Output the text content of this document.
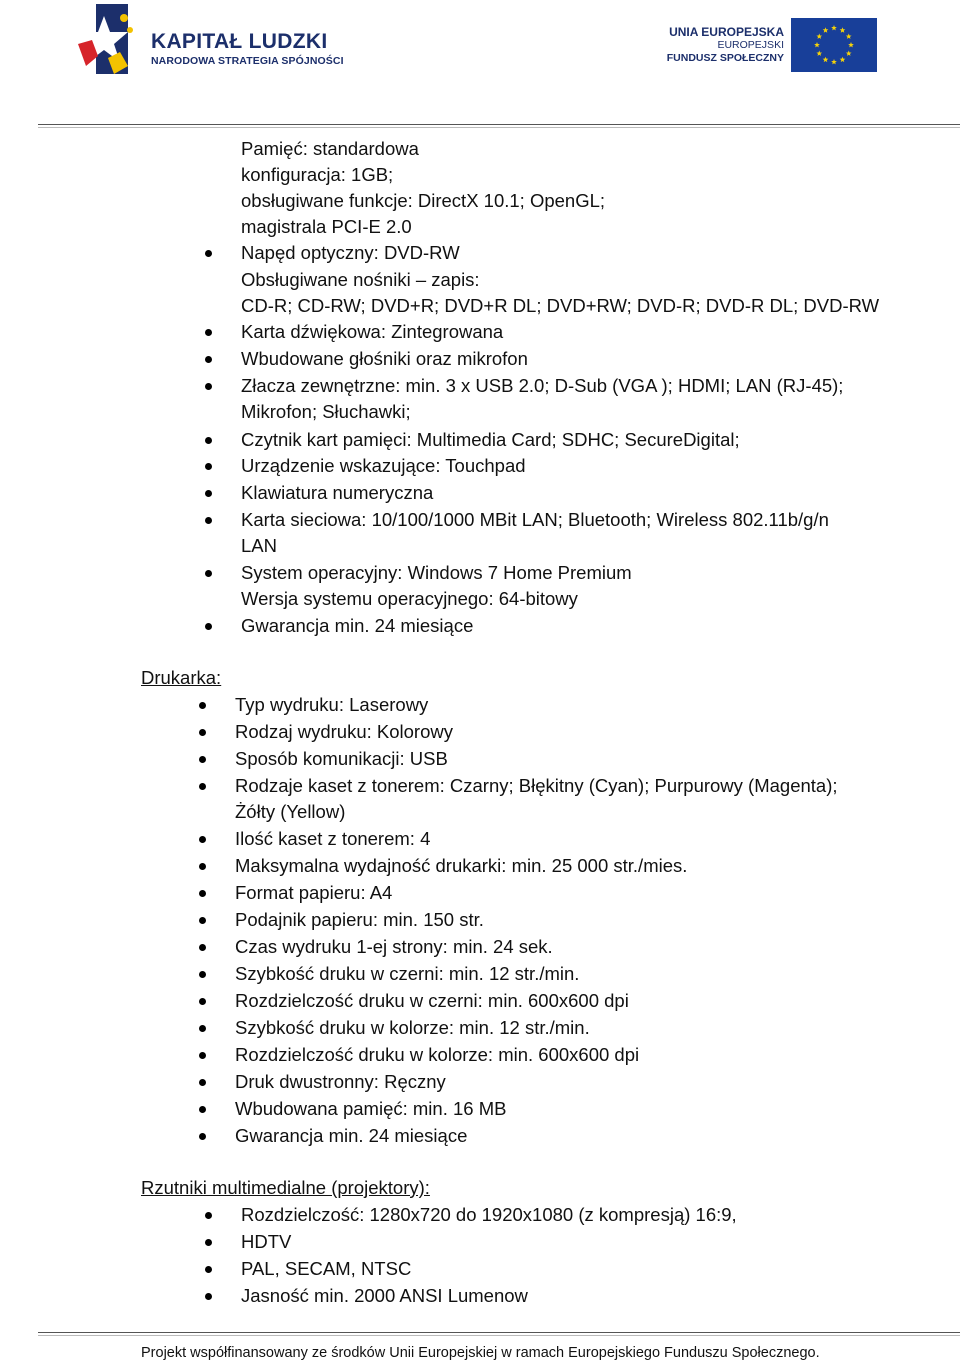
KAPITAŁ LUDZKI
NARODOWA STRATEGIA SPÓJNOŚCI
UNIA EUROPEJSKA
EUROPEJSKI
FUNDUSZ SPOŁECZNY
Pamięć: standardowa
konfiguracja: 1GB;
obsługiwane funkcje: DirectX 10.1; OpenGL;
magistrala PCI-E 2.0
Napęd optyczny: DVD-RW
Obsługiwane nośniki – zapis:
CD-R; CD-RW; DVD+R; DVD+R DL; DVD+RW; DVD-R; DVD-R DL; DVD-RW
Karta dźwiękowa: Zintegrowana
Wbudowane głośniki oraz mikrofon
Złacza zewnętrzne: min. 3 x USB 2.0; D-Sub (VGA ); HDMI; LAN (RJ-45);
Mikrofon; Słuchawki;
Czytnik kart pamięci: Multimedia Card; SDHC; SecureDigital;
Urządzenie wskazujące: Touchpad
Klawiatura numeryczna
Karta sieciowa: 10/100/1000 MBit LAN; Bluetooth; Wireless 802.11b/g/n
LAN
System operacyjny: Windows 7 Home Premium
Wersja systemu operacyjnego: 64-bitowy
Gwarancja min. 24 miesiące
Drukarka:
Typ wydruku: Laserowy
Rodzaj wydruku: Kolorowy
Sposób komunikacji: USB
Rodzaje kaset z tonerem: Czarny; Błękitny (Cyan); Purpurowy (Magenta);
Żółty (Yellow)
Ilość kaset z tonerem: 4
Maksymalna wydajność drukarki: min. 25 000 str./mies.
Format papieru: A4
Podajnik papieru: min. 150 str.
Czas wydruku 1-ej strony: min. 24 sek.
Szybkość druku w czerni: min. 12 str./min.
Rozdzielczość druku w czerni: min. 600x600 dpi
Szybkość druku w kolorze: min. 12 str./min.
Rozdzielczość druku w kolorze: min. 600x600 dpi
Druk dwustronny: Ręczny
Wbudowana pamięć: min. 16 MB
Gwarancja min. 24 miesiące
Rzutniki multimedialne (projektory):
Rozdzielczość: 1280x720 do 1920x1080 (z kompresją) 16:9,
HDTV
PAL, SECAM, NTSC
Jasność min. 2000 ANSI Lumenow
Projekt współfinansowany ze środków Unii Europejskiej w ramach Europejskiego Funduszu Społecznego.
